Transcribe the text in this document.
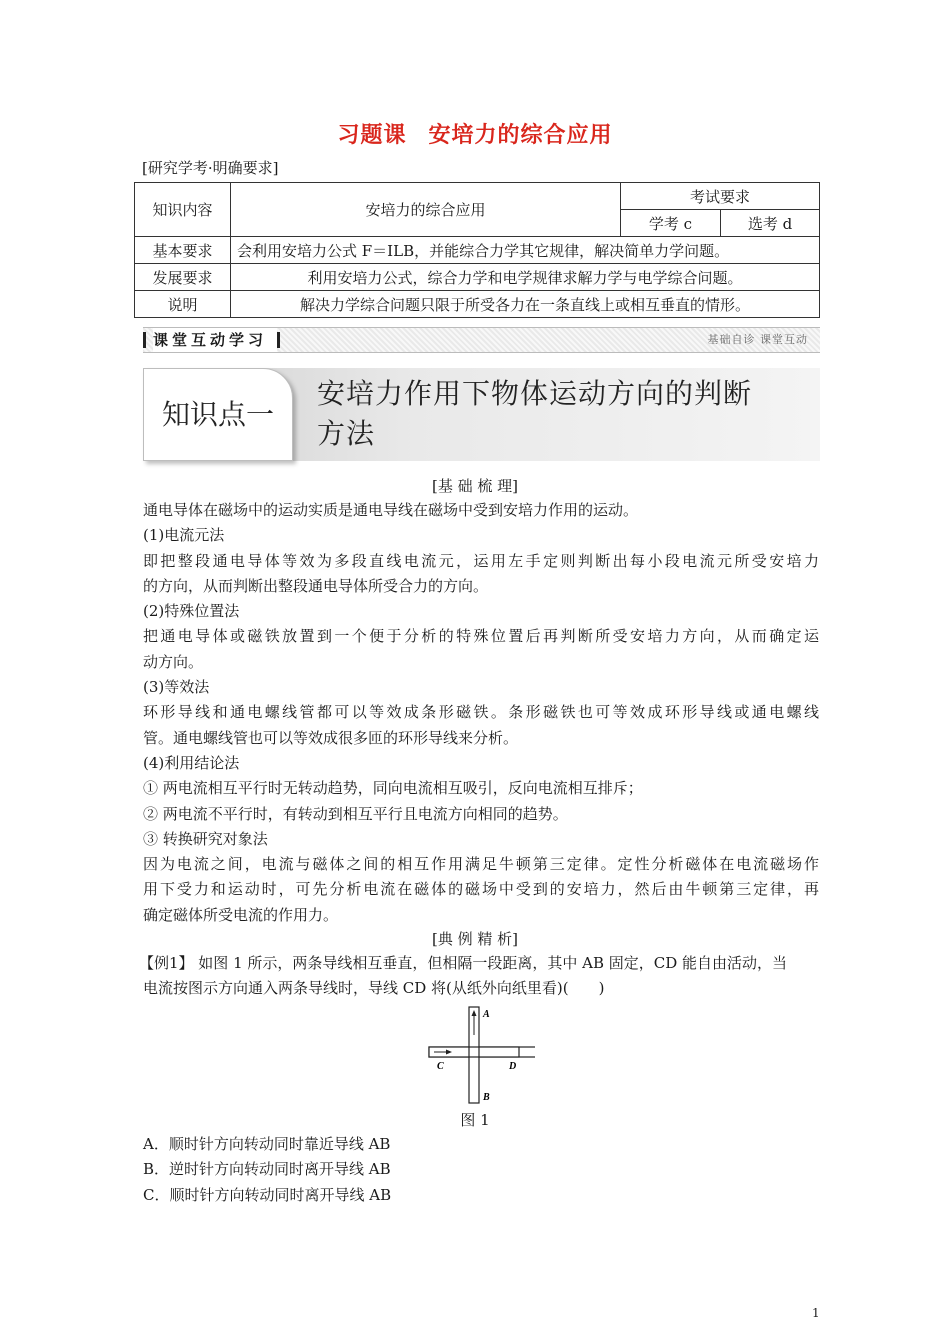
习题课 安培力的综合应用
[研究学考·明确要求]
知识内容	安培力的综合应用	考试要求	
		学考 c	选考 d
基本要求	会利用安培力公式 F＝ILB，并能综合力学其它规律，解决简单力学问题。		
发展要求	利用安培力公式，综合力学和电学规律求解力学与电学综合问题。		
说明	解决力学综合问题只限于所受各力在一条直线上或相互垂直的情形。		
课堂互动学习	基础自诊 课堂互动
知识点一
安培力作用下物体运动方向的判断
方法
[基 础 梳 理]
通电导体在磁场中的运动实质是通电导线在磁场中受到安培力作用的运动。
(1)电流元法
即把整段通电导体等效为多段直线电流元，运用左手定则判断出每小段电流元所受安培力
的方向，从而判断出整段通电导体所受合力的方向。
(2)特殊位置法
把通电导体或磁铁放置到一个便于分析的特殊位置后再判断所受安培力方向，从而确定运
动方向。
(3)等效法
环形导线和通电螺线管都可以等效成条形磁铁。条形磁铁也可等效成环形导线或通电螺线
管。通电螺线管也可以等效成很多匝的环形导线来分析。
(4)利用结论法
① 两电流相互平行时无转动趋势，同向电流相互吸引，反向电流相互排斥；
② 两电流不平行时，有转动到相互平行且电流方向相同的趋势。
③ 转换研究对象法
因为电流之间，电流与磁体之间的相互作用满足牛顿第三定律。定性分析磁体在电流磁场作
用下受力和运动时，可先分析电流在磁体的磁场中受到的安培力，然后由牛顿第三定律，再
确定磁体所受电流的作用力。
[典 例 精 析]
【例1】 如图 1 所示，两条导线相互垂直，但相隔一段距离，其中 AB 固定，CD 能自由活动，当
电流按图示方向通入两条导线时，导线 CD 将(从纸外向纸里看)(　　)
A
B
C	D
图 1
A．顺时针方向转动同时靠近导线 AB
B．逆时针方向转动同时离开导线 AB
C．顺时针方向转动同时离开导线 AB
1
